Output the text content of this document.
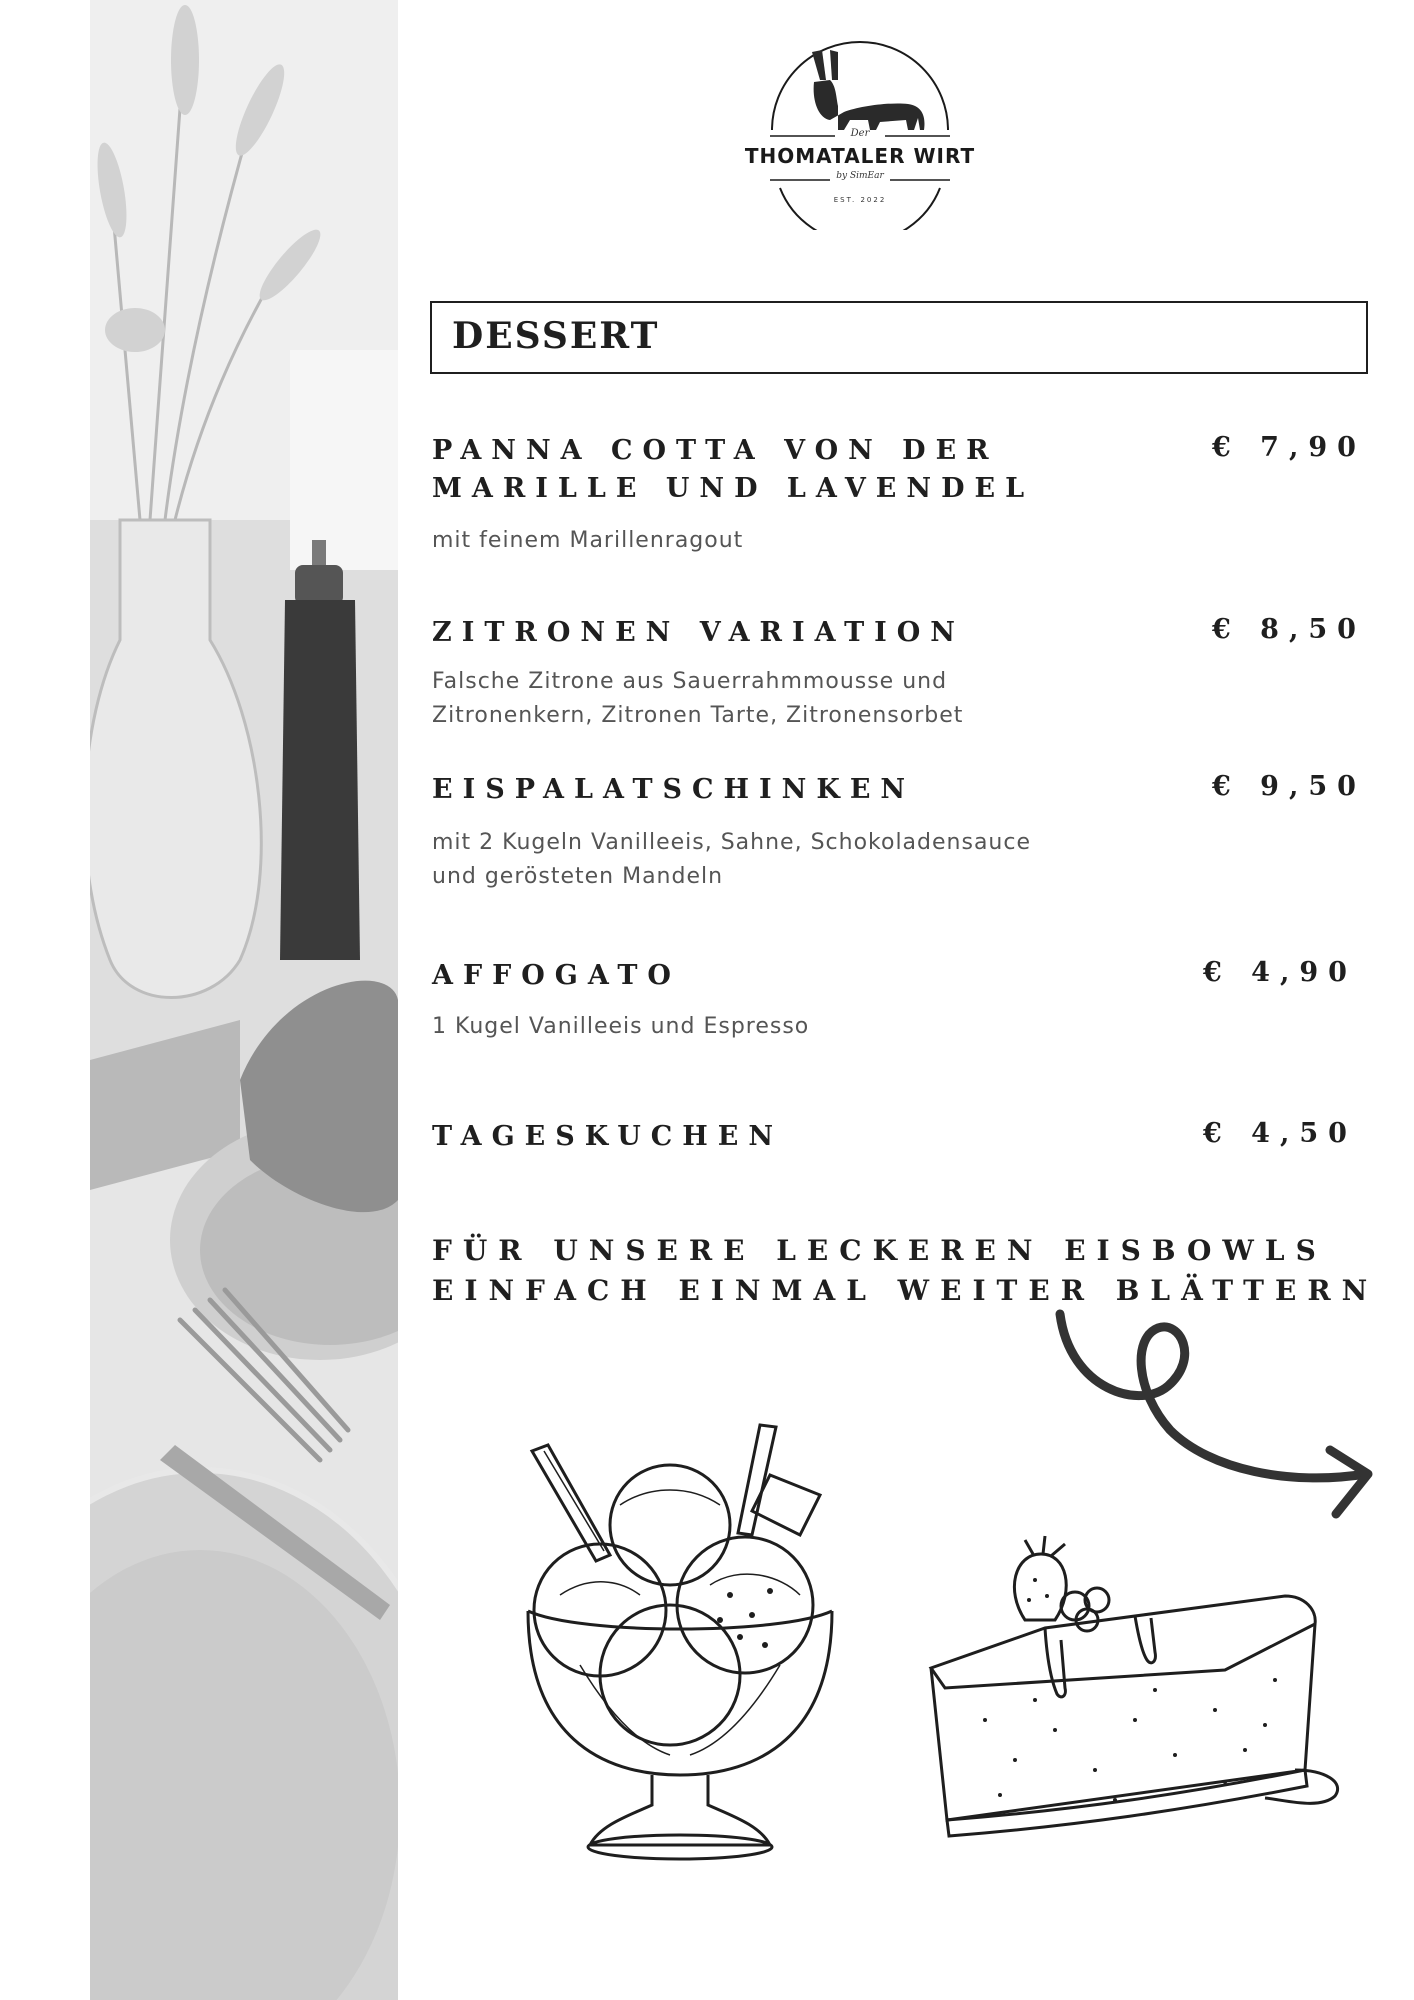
Der
THOMATALER WIRT
by SimEar
EST. 2022
DESSERT
PANNA COTTA VON DER
MARILLE UND LAVENDEL
€ 7,90
mit feinem Marillenragout
ZITRONEN VARIATION	€ 8,50
Falsche Zitrone aus Sauerrahmmousse und
Zitronenkern, Zitronen Tarte, Zitronensorbet
EISPALATSCHINKEN	€ 9,50
mit 2 Kugeln Vanilleeis, Sahne, Schokoladensauce
und gerösteten Mandeln
AFFOGATO	€ 4,90
1 Kugel Vanilleeis und Espresso
TAGESKUCHEN	€ 4,50
FÜR UNSERE LECKEREN EISBOWLS
EINFACH EINMAL WEITER BLÄTTERN
